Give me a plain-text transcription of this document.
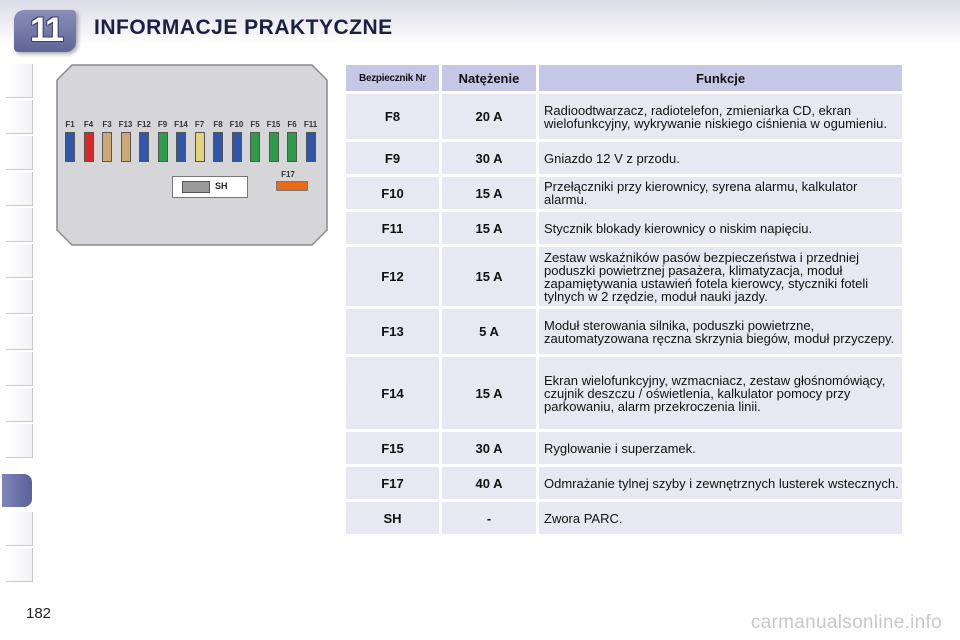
11	INFORMACJE PRAKTYCZNE
F1	F4	F3 F13 F12 F9 F14 F7	F8 F10 F5 F15 F6 F11
F17
SH
Bezpiecznik Nr	Natężenie	Funkcje
F8	20 A	Radioodtwarzacz, radiotelefon, zmieniarka CD, ekran wielofunkcyjny, wykrywanie niskiego ciśnienia w ogumieniu.
F9	30 A	Gniazdo 12 V z przodu.
F10	15 A	Przełączniki przy kierownicy, syrena alarmu, kalkulator alarmu.
F11	15 A	Stycznik blokady kierownicy o niskim napięciu.
F12	15 A	Zestaw wskaźników pasów bezpieczeństwa i przedniej poduszki powietrznej pasażera, klimatyzacja, moduł zapamiętywania ustawień fotela kierowcy, styczniki foteli tylnych w 2 rzędzie, moduł nauki jazdy.
F13	5 A	Moduł sterowania silnika, poduszki powietrzne, zautomatyzowana ręczna skrzynia biegów, moduł przyczepy.
F14	15 A	Ekran wielofunkcyjny, wzmacniacz, zestaw głośnomówiący, czujnik deszczu / oświetlenia, kalkulator pomocy przy parkowaniu, alarm przekroczenia linii.
F15	30 A	Ryglowanie i superzamek.
F17	40 A	Odmrażanie tylnej szyby i zewnętrznych lusterek wstecznych.
SH	-	Zwora PARC.
182	carmanualsonline.info
